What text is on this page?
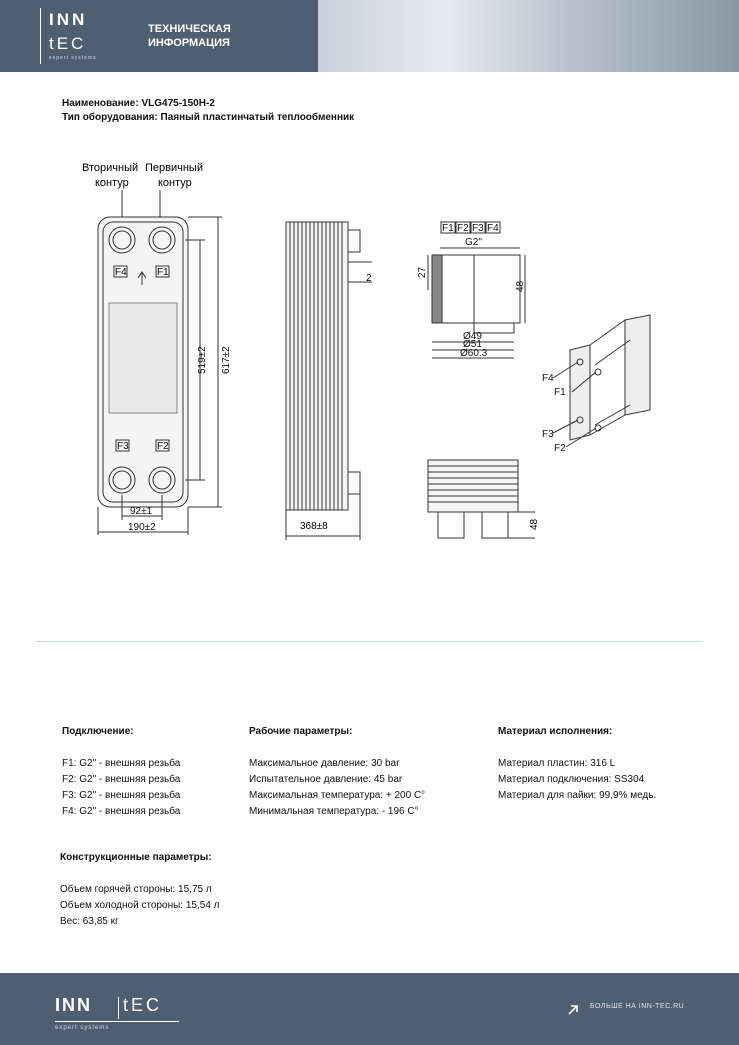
INN
tEC
expert systems
ТЕХНИЧЕСКАЯ
ИНФОРМАЦИЯ
Наименование: VLG475-150H-2
Тип оборудования: Паяный пластинчатый теплообменник
Вторичный
контур
Первичный
контур
F4	F1
F3	F2
519±2 617±2
92±1
190±2
2
368±8
F1 F2 F3 F4
G2"
27
48
Ø49
Ø51
Ø60.3
48
F4
F1
F3
F2
Подключение:

F1: G2" - внешняя резьба

F2: G2" - внешняя резьба

F3: G2" - внешняя резьба

F4: G2" - внешняя резьба

Рабочие параметры:

Максимальное давление: 30 bar

Испытательное давление: 45 bar

Максимальная температура: + 200 С°

Минимальная температура: - 196 С°

Материал исполнения:

Материал пластин: 316 L

Материал подключения: SS304

Материал для пайки: 99,9% медь.

Конструкционные параметры:

Объем горячей стороны: 15,75 л

Объем холодной стороны: 15,54 л

Вес: 63,85 кг

INN tEC
expert systems
БОЛЬШЕ НА INN-TEC.RU
